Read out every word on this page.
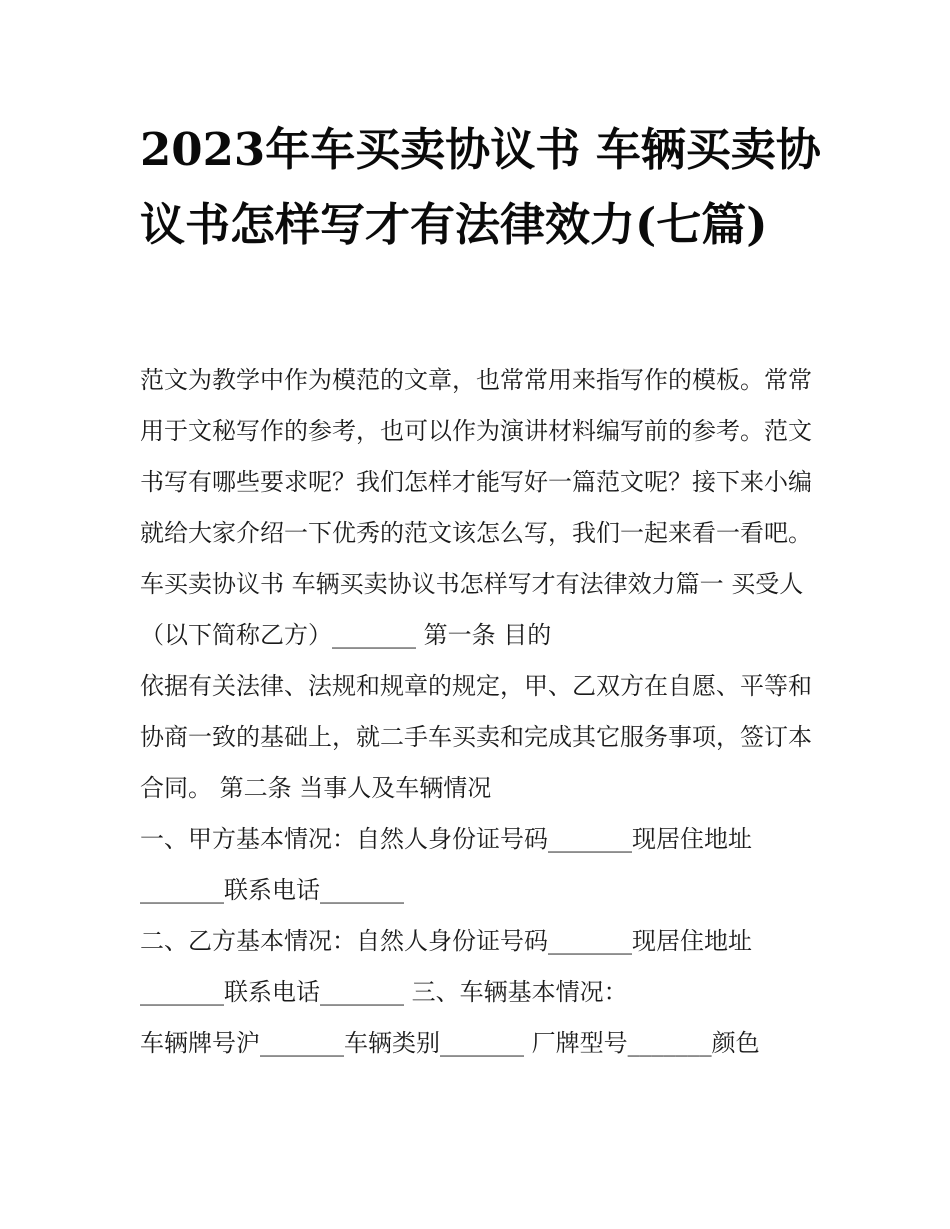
2023年车买卖协议书 车辆买卖协议书怎样写才有法律效力(七篇)

范文为教学中作为模范的文章，也常常用来指写作的模板。常常用于文秘写作的参考，也可以作为演讲材料编写前的参考。范文书写有哪些要求呢？我们怎样才能写好一篇范文呢？接下来小编就给大家介绍一下优秀的范文该怎么写，我们一起来看一看吧。

车买卖协议书 车辆买卖协议书怎样写才有法律效力篇一 买受人（以下简称乙方）_______ 第一条 目的

依据有关法律、法规和规章的规定，甲、乙双方在自愿、平等和协商一致的基础上，就二手车买卖和完成其它服务事项，签订本合同。 第二条 当事人及车辆情况

一、甲方基本情况：自然人身份证号码_______现居住地址_______联系电话_______

二、乙方基本情况：自然人身份证号码_______现居住地址_______联系电话_______ 三、车辆基本情况：

车辆牌号沪_______车辆类别_______ 厂牌型号_______颜色
